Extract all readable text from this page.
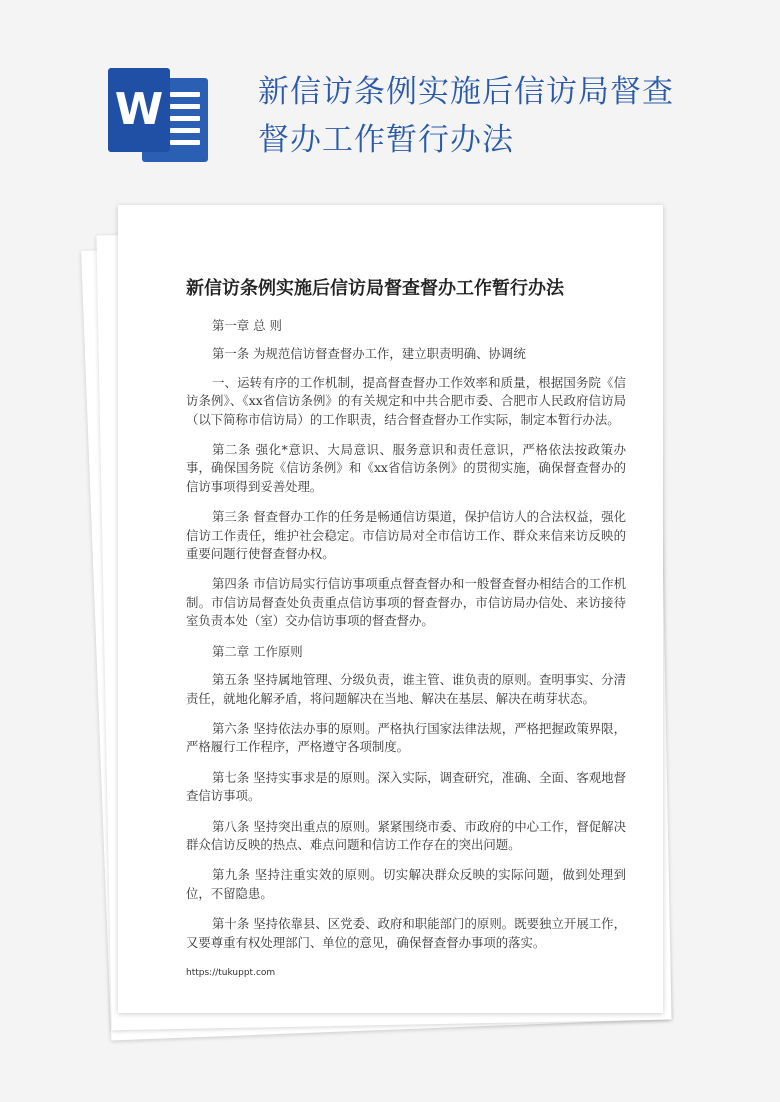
W	新信访条例实施后信访局督查
督办工作暂行办法
新信访条例实施后信访局督查督办工作暂行办法

第一章 总 则

第一条 为规范信访督查督办工作，建立职责明确、协调统

一、运转有序的工作机制，提高督查督办工作效率和质量，根据国务院《信访条例》、《xx省信访条例》的有关规定和中共合肥市委、合肥市人民政府信访局（以下简称市信访局）的工作职责，结合督查督办工作实际，制定本暂行办法。

第二条 强化*意识、大局意识、服务意识和责任意识，严格依法按政策办事，确保国务院《信访条例》和《xx省信访条例》的贯彻实施，确保督查督办的信访事项得到妥善处理。

第三条 督查督办工作的任务是畅通信访渠道，保护信访人的合法权益，强化信访工作责任，维护社会稳定。市信访局对全市信访工作、群众来信来访反映的重要问题行使督查督办权。

第四条 市信访局实行信访事项重点督查督办和一般督查督办相结合的工作机制。市信访局督查处负责重点信访事项的督查督办，市信访局办信处、来访接待室负责本处（室）交办信访事项的督查督办。

第二章 工作原则

第五条 坚持属地管理、分级负责，谁主管、谁负责的原则。查明事实、分清责任，就地化解矛盾，将问题解决在当地、解决在基层、解决在萌芽状态。

第六条 坚持依法办事的原则。严格执行国家法律法规，严格把握政策界限，严格履行工作程序，严格遵守各项制度。

第七条 坚持实事求是的原则。深入实际，调查研究，准确、全面、客观地督查信访事项。

第八条 坚持突出重点的原则。紧紧围绕市委、市政府的中心工作，督促解决群众信访反映的热点、难点问题和信访工作存在的突出问题。

第九条 坚持注重实效的原则。切实解决群众反映的实际问题，做到处理到位，不留隐患。

第十条 坚持依靠县、区党委、政府和职能部门的原则。既要独立开展工作，又要尊重有权处理部门、单位的意见，确保督查督办事项的落实。

https://tukuppt.com
